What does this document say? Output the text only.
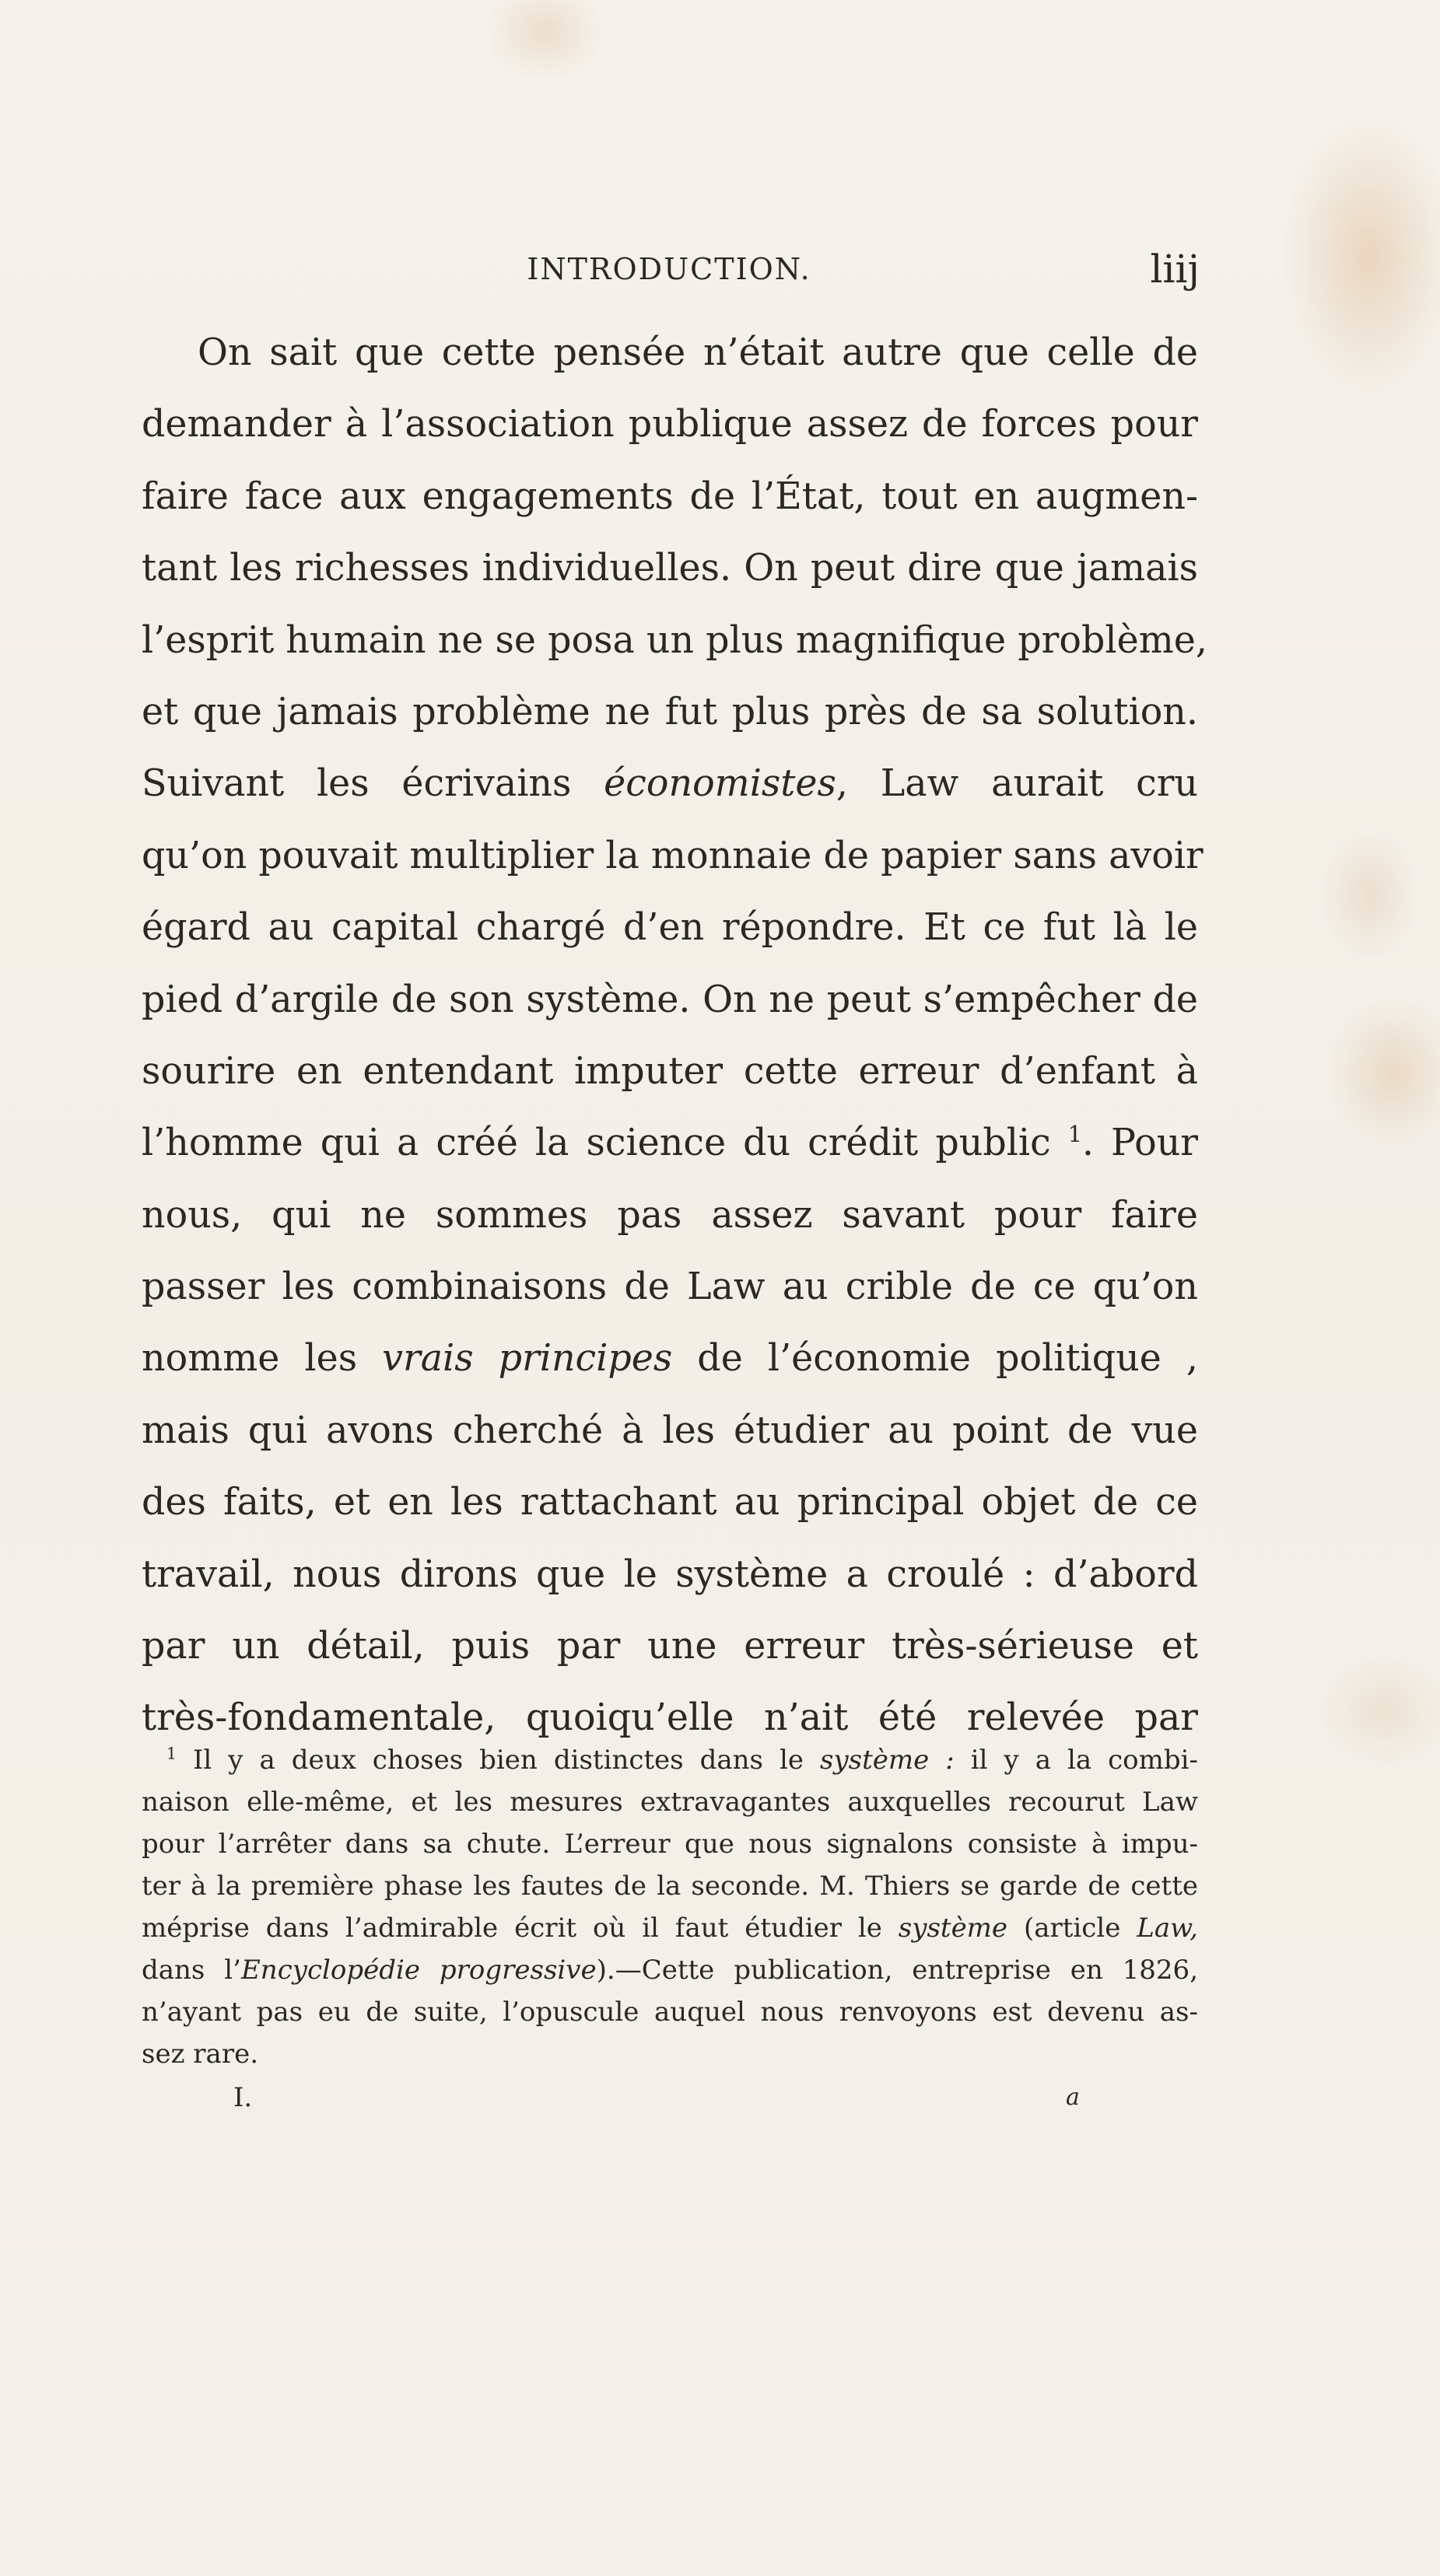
INTRODUCTION.	liij
On sait que cette pensée n’était autre que celle de
demander à l’association publique assez de forces pour
faire face aux engagements de l’État, tout en augmen-
tant les richesses individuelles. On peut dire que jamais
l’esprit humain ne se posa un plus magnifique problème,
et que jamais problème ne fut plus près de sa solution.
Suivant les écrivains économistes, Law aurait cru
qu’on pouvait multiplier la monnaie de papier sans avoir
égard au capital chargé d’en répondre. Et ce fut là le
pied d’argile de son système. On ne peut s’empêcher de
sourire en entendant imputer cette erreur d’enfant à
l’homme qui a créé la science du crédit public $^1$. Pour
nous, qui ne sommes pas assez savant pour faire
passer les combinaisons de Law au crible de ce qu’on
nomme les vrais principes de l’économie politique ,
mais qui avons cherché à les étudier au point de vue
des faits, et en les rattachant au principal objet de ce
travail, nous dirons que le système a croulé : d’abord
par un détail, puis par une erreur très-sérieuse et
très-fondamentale, quoiqu’elle n’ait été relevée par
$^1$ Il y a deux choses bien distinctes dans le système : il y a la combi-
naison elle-même, et les mesures extravagantes auxquelles recourut Law
pour l’arrêter dans sa chute. L’erreur que nous signalons consiste à impu-
ter à la première phase les fautes de la seconde. M. Thiers se garde de cette
méprise dans l’admirable écrit où il faut étudier le système (article Law,
dans l’Encyclopédie progressive).—Cette publication, entreprise en 1826,
n’ayant pas eu de suite, l’opuscule auquel nous renvoyons est devenu as-
sez rare.
I.	a
